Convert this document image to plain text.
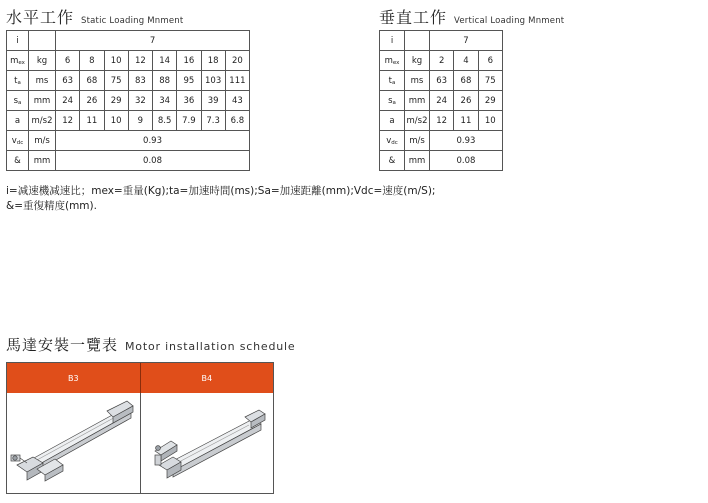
水平工作 Static Loading Mnment
i		7							
$m_{ex}$	kg	6	8	10	12	14	16	18	20
$t_a$	ms	63	68	75	83	88	95	103	111
$s_a$	mm	24	26	29	32	34	36	39	43
a	m/s2	12	11	10	9	8.5	7.9	7.3	6.8
$v_{dc}$	m/s	0.93							
&	mm	0.08							
垂直工作 Vertical Loading Mnment
i		7		
$m_{ex}$	kg	2	4	6
$t_a$	ms	63	68	75
$s_a$	mm	24	26	29
a	m/s2	12	11	10
$v_{dc}$	m/s	0.93		
&	mm	0.08		
i=减速機减速比；mex=重量(Kg);ta=加速時間(ms);Sa=加速距離(mm);Vdc=速度(m/S);
&=重復精度(mm).
馬達安裝一覽表 Motor installation schedule
B3	B4
